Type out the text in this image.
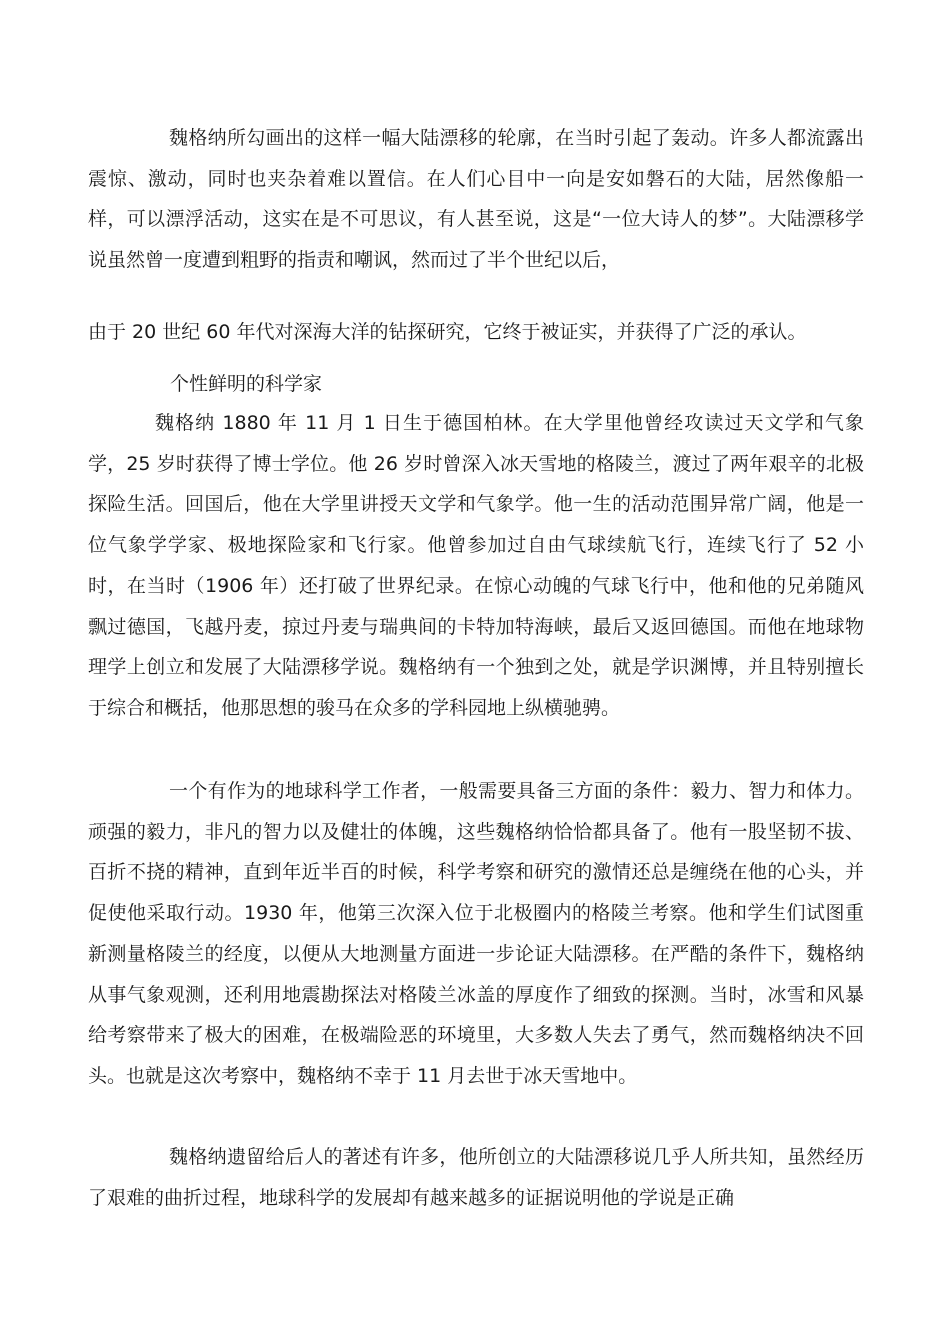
魏格纳所勾画出的这样一幅大陆漂移的轮廓，在当时引起了轰动。许多人都流露出震惊、激动，同时也夹杂着难以置信。在人们心目中一向是安如磐石的大陆，居然像船一样，可以漂浮活动，这实在是不可思议，有人甚至说，这是“一位大诗人的梦”。大陆漂移学说虽然曾一度遭到粗野的指责和嘲讽，然而过了半个世纪以后，

由于 20 世纪 60 年代对深海大洋的钻探研究，它终于被证实，并获得了广泛的承认。

个性鲜明的科学家

魏格纳 1880 年 11 月 1 日生于德国柏林。在大学里他曾经攻读过天文学和气象学，25 岁时获得了博士学位。他 26 岁时曾深入冰天雪地的格陵兰，渡过了两年艰辛的北极探险生活。回国后，他在大学里讲授天文学和气象学。他一生的活动范围异常广阔，他是一位气象学学家、极地探险家和飞行家。他曾参加过自由气球续航飞行，连续飞行了 52 小时，在当时（1906 年）还打破了世界纪录。在惊心动魄的气球飞行中，他和他的兄弟随风飘过德国，飞越丹麦，掠过丹麦与瑞典间的卡特加特海峡，最后又返回德国。而他在地球物理学上创立和发展了大陆漂移学说。魏格纳有一个独到之处，就是学识渊博，并且特别擅长于综合和概括，他那思想的骏马在众多的学科园地上纵横驰骋。

一个有作为的地球科学工作者，一般需要具备三方面的条件：毅力、智力和体力。顽强的毅力，非凡的智力以及健壮的体魄，这些魏格纳恰恰都具备了。他有一股坚韧不拔、百折不挠的精神，直到年近半百的时候，科学考察和研究的激情还总是缠绕在他的心头，并促使他采取行动。1930 年，他第三次深入位于北极圈内的格陵兰考察。他和学生们试图重新测量格陵兰的经度，以便从大地测量方面进一步论证大陆漂移。在严酷的条件下，魏格纳从事气象观测，还利用地震勘探法对格陵兰冰盖的厚度作了细致的探测。当时，冰雪和风暴给考察带来了极大的困难，在极端险恶的环境里，大多数人失去了勇气，然而魏格纳决不回头。也就是这次考察中，魏格纳不幸于 11 月去世于冰天雪地中。

魏格纳遗留给后人的著述有许多，他所创立的大陆漂移说几乎人所共知，虽然经历了艰难的曲折过程，地球科学的发展却有越来越多的证据说明他的学说是正确
